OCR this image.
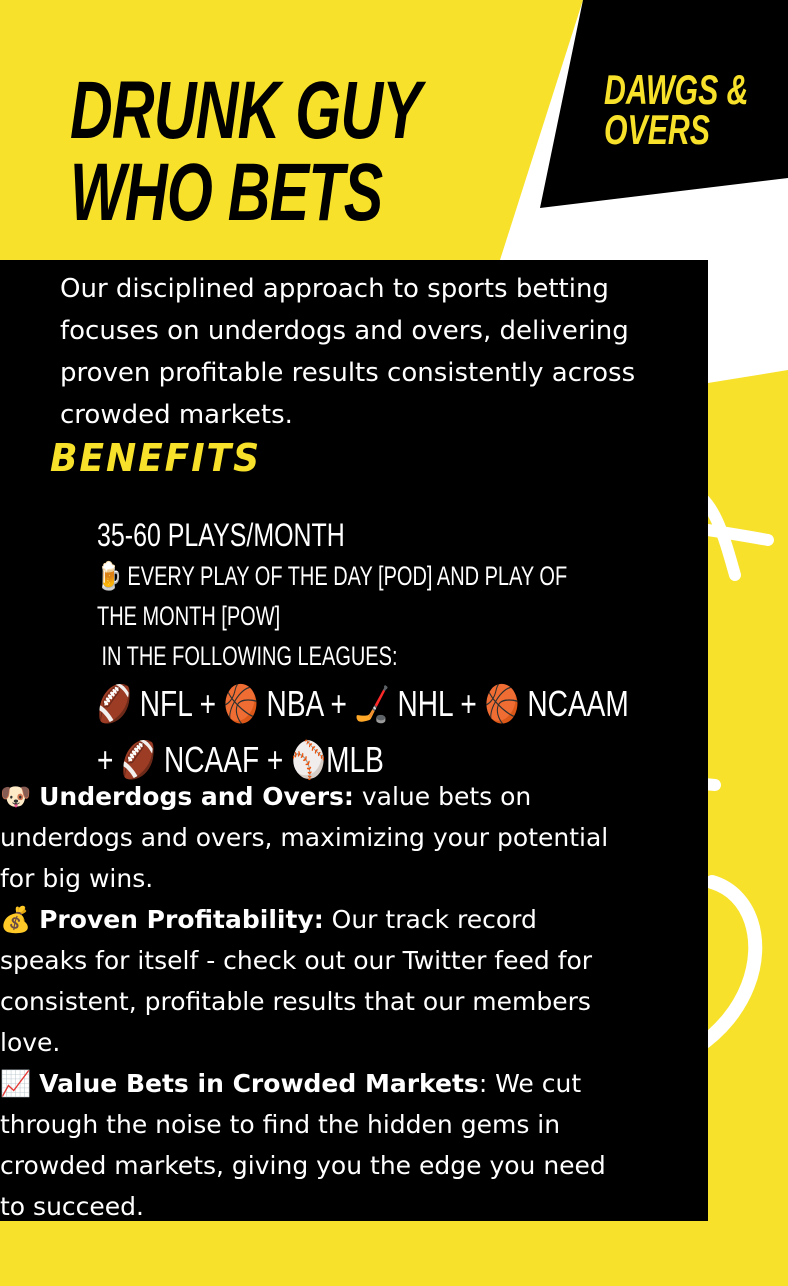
DRUNK GUY
WHO BETS
DAWGS &
OVERS

Our disciplined approach to sports betting focuses on underdogs and overs, delivering proven profitable results consistently across crowded markets.

BENEFITS
35-60 PLAYS/MONTH
🍺 EVERY PLAY OF THE DAY [POD] AND PLAY OF THE MONTH [POW]
IN THE FOLLOWING LEAGUES:
🏈 NFL + 🏀 NBA + 🏒 NHL + 🏀 NCAAM
+ 🏈 NCAAF + ⚾MLB

🐶 Underdogs and Overs: value bets on underdogs and overs, maximizing your potential for big wins.

💰 Proven Profitability: Our track record speaks for itself - check out our Twitter feed for consistent, profitable results that our members love.

📈 Value Bets in Crowded Markets: We cut through the noise to find the hidden gems in crowded markets, giving you the edge you need to succeed.
